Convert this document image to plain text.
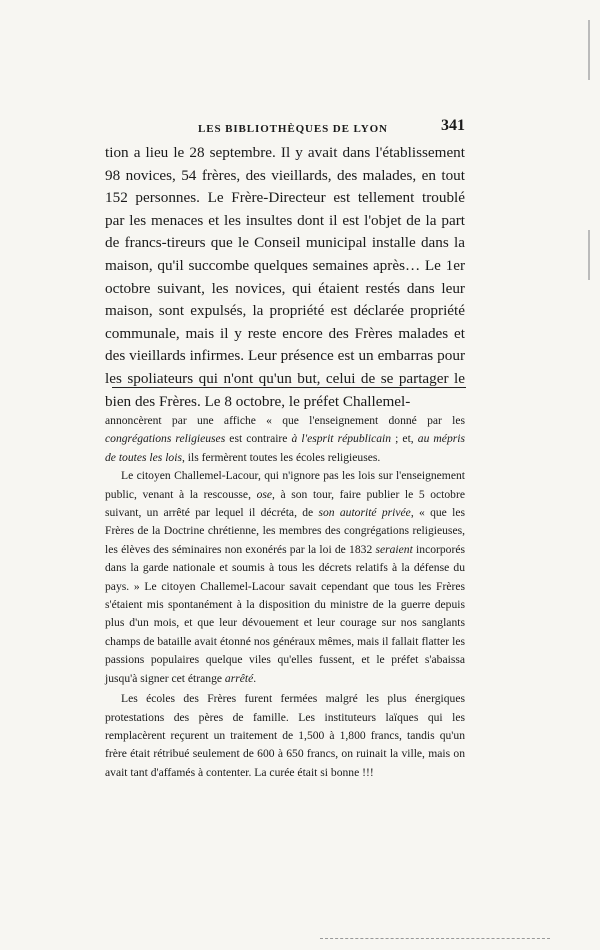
LES BIBLIOTHÈQUES DE LYON	341

tion a lieu le 28 septembre. Il y avait dans l'établissement 98 novices, 54 frères, des vieillards, des malades, en tout 152 personnes. Le Frère-Directeur est tellement troublé par les menaces et les insultes dont il est l'objet de la part de francs-tireurs que le Conseil municipal installe dans la maison, qu'il succombe quelques semaines après… Le 1er octobre suivant, les novices, qui étaient restés dans leur maison, sont expulsés, la propriété est déclarée propriété communale, mais il y reste encore des Frères malades et des vieillards infirmes. Leur présence est un embarras pour les spoliateurs qui n'ont qu'un but, celui de se partager le bien des Frères. Le 8 octobre, le préfet Challemel-

annoncèrent par une affiche « que l'enseignement donné par les congrégations religieuses est contraire à l'esprit républicain ; et, au mépris de toutes les lois, ils fermèrent toutes les écoles religieuses.

Le citoyen Challemel-Lacour, qui n'ignore pas les lois sur l'enseignement public, venant à la rescousse, ose, à son tour, faire publier le 5 octobre suivant, un arrêté par lequel il décréta, de son autorité privée, « que les Frères de la Doctrine chrétienne, les membres des congrégations religieuses, les élèves des séminaires non exonérés par la loi de 1832 seraient incorporés dans la garde nationale et soumis à tous les décrets relatifs à la défense du pays. » Le citoyen Challemel-Lacour savait cependant que tous les Frères s'étaient mis spontanément à la disposition du ministre de la guerre depuis plus d'un mois, et que leur dévouement et leur courage sur nos sanglants champs de bataille avait étonné nos généraux mêmes, mais il fallait flatter les passions populaires quelque viles qu'elles fussent, et le préfet s'abaissa jusqu'à signer cet étrange arrêté.

Les écoles des Frères furent fermées malgré les plus énergiques protestations des pères de famille. Les instituteurs laïques qui les remplacèrent reçurent un traitement de 1,500 à 1,800 francs, tandis qu'un frère était rétribué seulement de 600 à 650 francs, on ruinait la ville, mais on avait tant d'affamés à contenter. La curée était si bonne !!!
